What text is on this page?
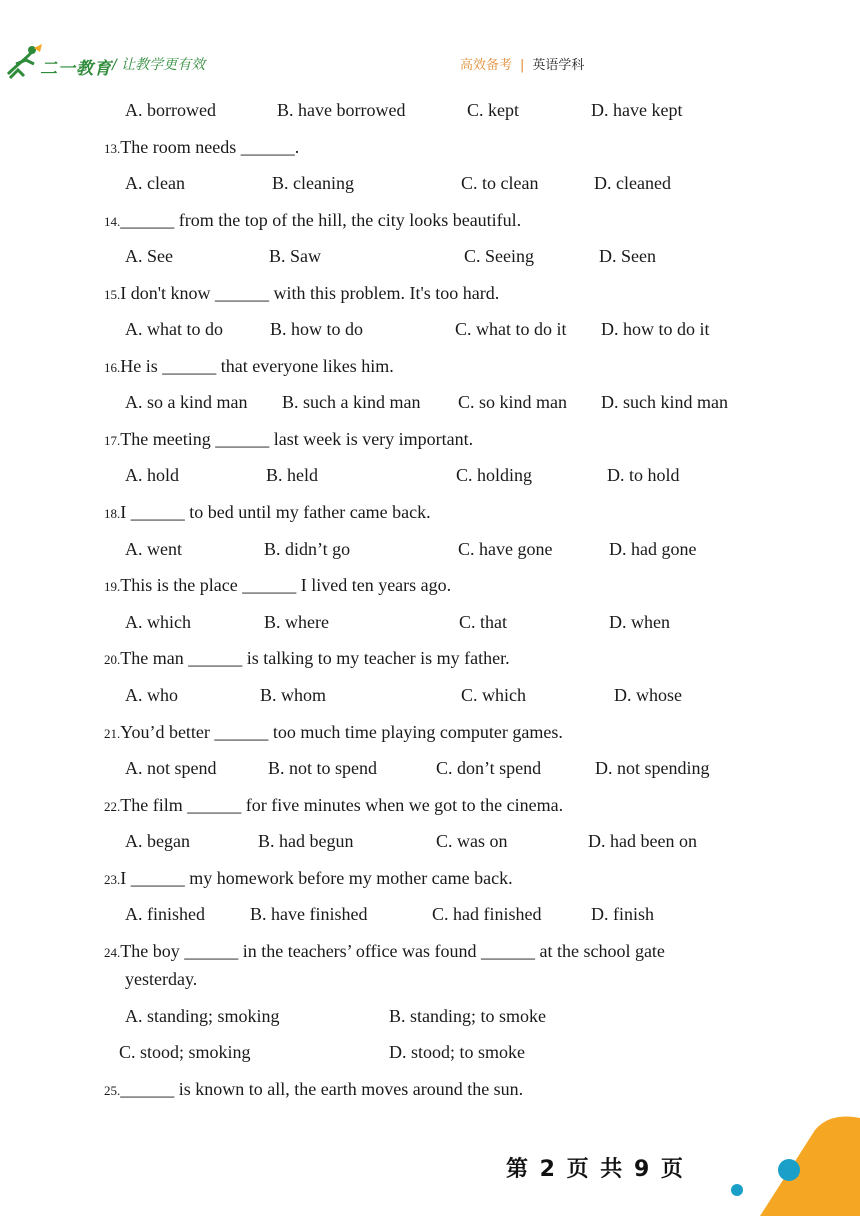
二一教育 / 让教学更有效	高效备考 | 英语学科
A. borrowed	B. have borrowed	C. kept	D. have kept
13.The room needs ______.
A. clean	B. cleaning	C. to clean	D. cleaned
14.______ from the top of the hill, the city looks beautiful.
A. See	B. Saw	C. Seeing	D. Seen
15.I don't know ______ with this problem. It's too hard.
A. what to do	B. how to do	C. what to do it D. how to do it
16.He is ______ that everyone likes him.
A. so a kind man B. such a kind man C. so kind man D. such kind man
17.The meeting ______ last week is very important.
A. hold	B. held	C. holding	D. to hold
18.I ______ to bed until my father came back.
A. went	B. didn’t go	C. have gone	D. had gone
19.This is the place ______ I lived ten years ago.
A. which	B. where	C. that	D. when
20.The man ______ is talking to my teacher is my father.
A. who	B. whom	C. which	D. whose
21.You’d better ______ too much time playing computer games.
A. not spend	B. not to spend	C. don’t spend	D. not spending
22.The film ______ for five minutes when we got to the cinema.
A. began	B. had begun	C. was on	D. had been on
23.I ______ my homework before my mother came back.
A. finished	B. have finished	C. had finished	D. finish
24.The boy ______ in the teachers’ office was found ______ at the school gate
yesterday.
A. standing; smoking	B. standing; to smoke
C. stood; smoking	D. stood; to smoke
25.______ is known to all, the earth moves around the sun.
第 2 页 共 9 页
